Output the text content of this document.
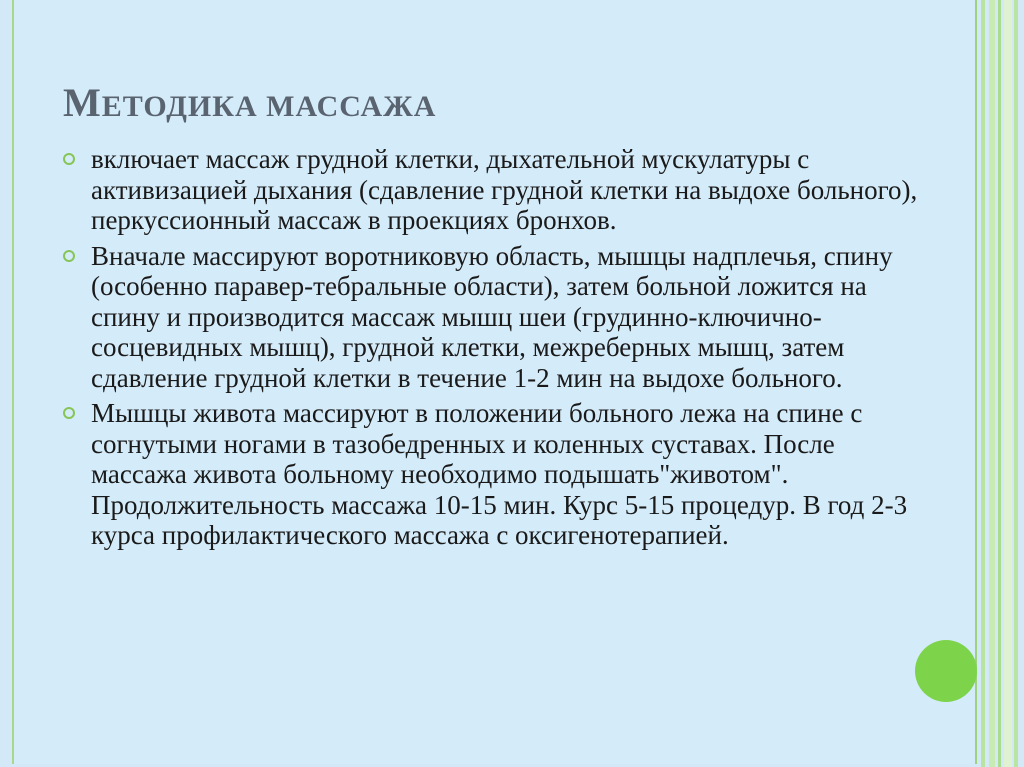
МЕТОДИКА МАССАЖА
включает массаж грудной клетки, дыхательной мускулатуры с активизацией дыхания (сдавление грудной клетки на выдохе больного), перкуссионный массаж в проекциях бронхов.
Вначале массируют воротниковую область, мышцы надплечья, спину (особенно паравер-тебральные области), затем больной ложится на спину и производится массаж мышц шеи (грудинно-ключично-сосцевидных мышц), грудной клетки, межреберных мышц, затем сдавление грудной клетки в течение 1-2 мин на выдохе больного.
Мышцы живота массируют в положении больного лежа на спине с согнутыми ногами в тазобедренных и коленных суставах. После массажа живота больному необходимо подышать"животом". Продолжительность массажа 10-15 мин. Курс 5-15 процедур. В год 2-3 курса профилактического массажа с оксигенотерапией.
